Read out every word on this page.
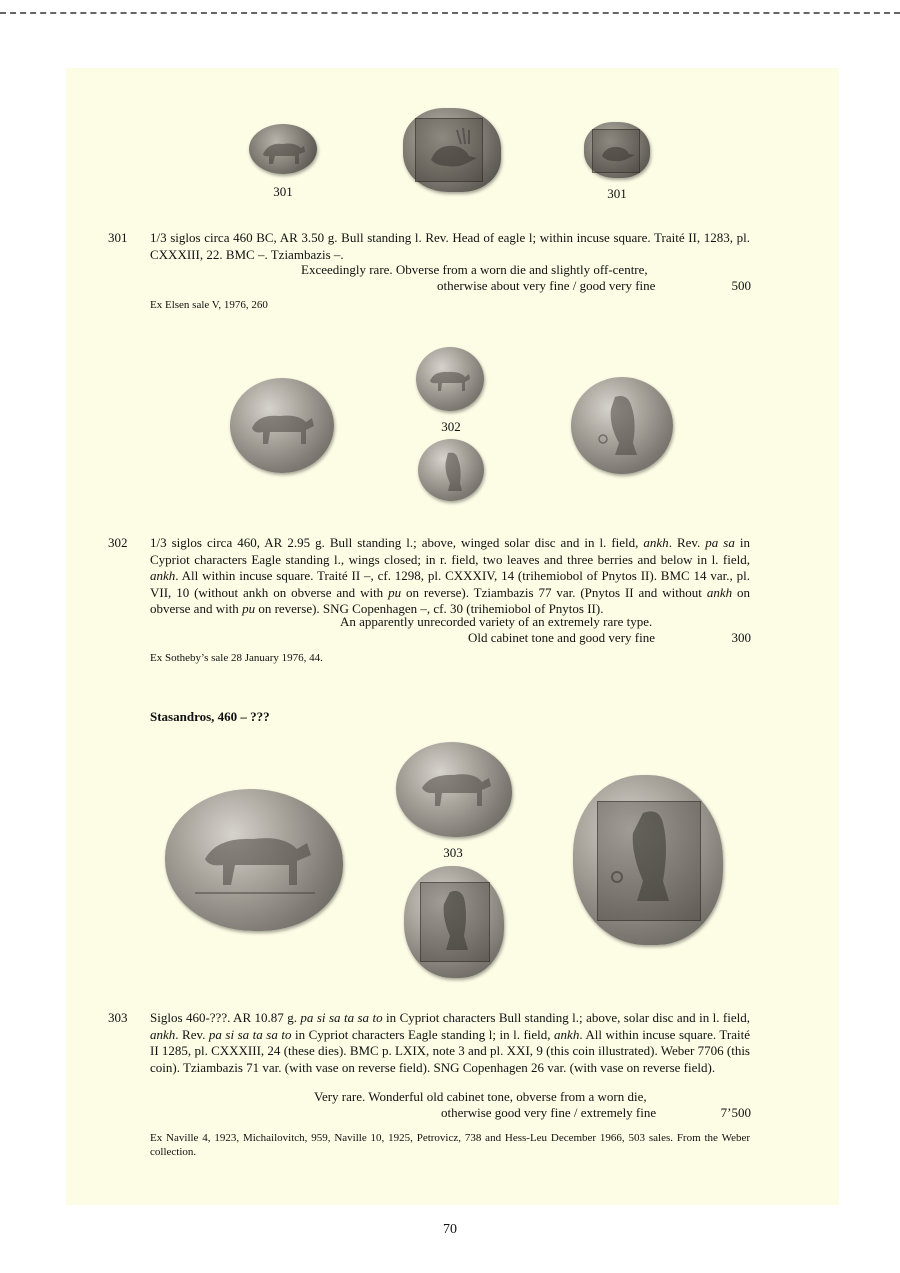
301	301
301 1/3 siglos circa 460 BC, AR 3.50 g. Bull standing l. Rev. Head of eagle l; within incuse square. Traité II, 1283, pl. CXXXIII, 22. BMC –. Tziambazis –.
Exceedingly rare. Obverse from a worn die and slightly off-centre,
otherwise about very fine / good very fine	500
Ex Elsen sale V, 1976, 260
302
302 1/3 siglos circa 460, AR 2.95 g. Bull standing l.; above, winged solar disc and in l. field, ankh. Rev. pa sa in Cypriot characters Eagle standing l., wings closed; in r. field, two leaves and three berries and below in l. field, ankh. All within incuse square. Traité II –, cf. 1298, pl. CXXXIV, 14 (trihemiobol of Pnytos II). BMC 14 var., pl. VII, 10 (without ankh on obverse and with pu on reverse). Tziambazis 77 var. (Pnytos II and without ankh on obverse and with pu on reverse). SNG Copenhagen –, cf. 30 (trihemiobol of Pnytos II).
An apparently unrecorded variety of an extremely rare type.
Old cabinet tone and good very fine	300
Ex Sotheby’s sale 28 January 1976, 44.
Stasandros, 460 – ???
303
303 Siglos 460-???. AR 10.87 g. pa si sa ta sa to in Cypriot characters Bull standing l.; above, solar disc and in l. field, ankh. Rev. pa si sa ta sa to in Cypriot characters Eagle standing l; in l. field, ankh. All within incuse square. Traité II 1285, pl. CXXXIII, 24 (these dies). BMC p. LXIX, note 3 and pl. XXI, 9 (this coin illustrated). Weber 7706 (this coin). Tziambazis 71 var. (with vase on reverse field). SNG Copenhagen 26 var. (with vase on reverse field).
Very rare. Wonderful old cabinet tone, obverse from a worn die,
otherwise good very fine / extremely fine	7’500
Ex Naville 4, 1923, Michailovitch, 959, Naville 10, 1925, Petrovicz, 738 and Hess-Leu December 1966, 503 sales. From the Weber collection.
70
